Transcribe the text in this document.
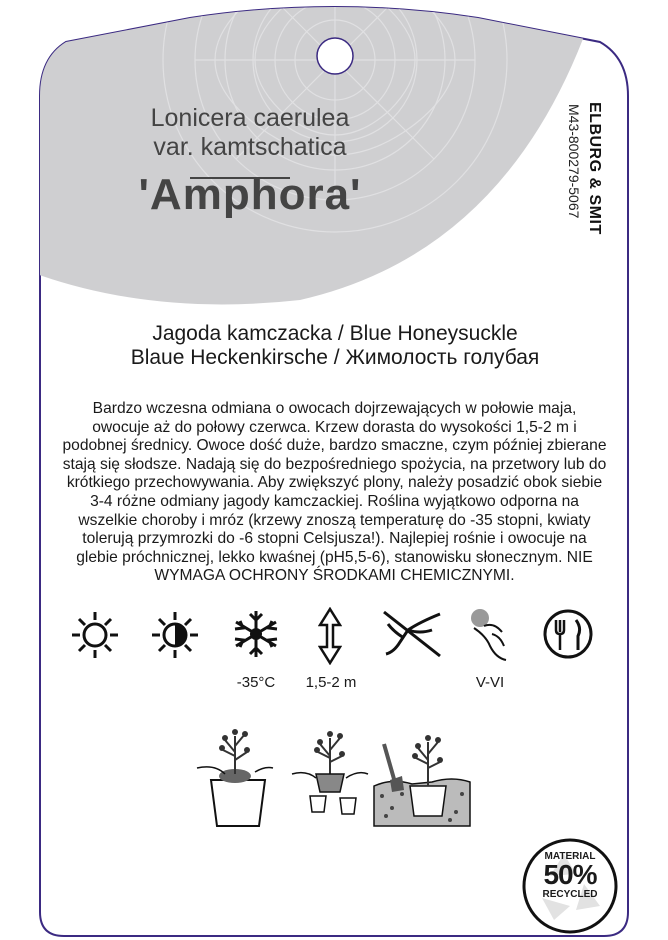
Lonicera caerulea
var. kamtschatica
'Amphora'	ELBURG & SMIT
M43-800279-5067
Jagoda kamczacka / Blue Honeysuckle
Blaue Heckenkirsche / Жимолость голубая
Bardzo wczesna odmiana o owocach dojrzewających w połowie maja, owocuje aż do połowy czerwca. Krzew dorasta do wysokości 1,5-2 m i podobnej średnicy. Owoce dość duże, bardzo smaczne, czym później zbierane stają się słodsze. Nadają się do bezpośredniego spożycia, na przetwory lub do krótkiego przechowywania. Aby zwiększyć plony, należy posadzić obok siebie 3-4 różne odmiany jagody kamczackiej. Roślina wyjątkowo odporna na wszelkie choroby i mróz (krzewy znoszą temperaturę do -35 stopni, kwiaty tolerują przymrozki do -6 stopni Celsjusza!). Najlepiej rośnie i owocuje na glebie próchnicznej, lekko kwaśnej (pH5,5-6), stanowisku słonecznym. NIE WYMAGA OCHRONY ŚRODKAMI CHEMICZNYMI.
-35°C	1,5-2 m	V-VI
MATERIAL
50%
RECYCLED
